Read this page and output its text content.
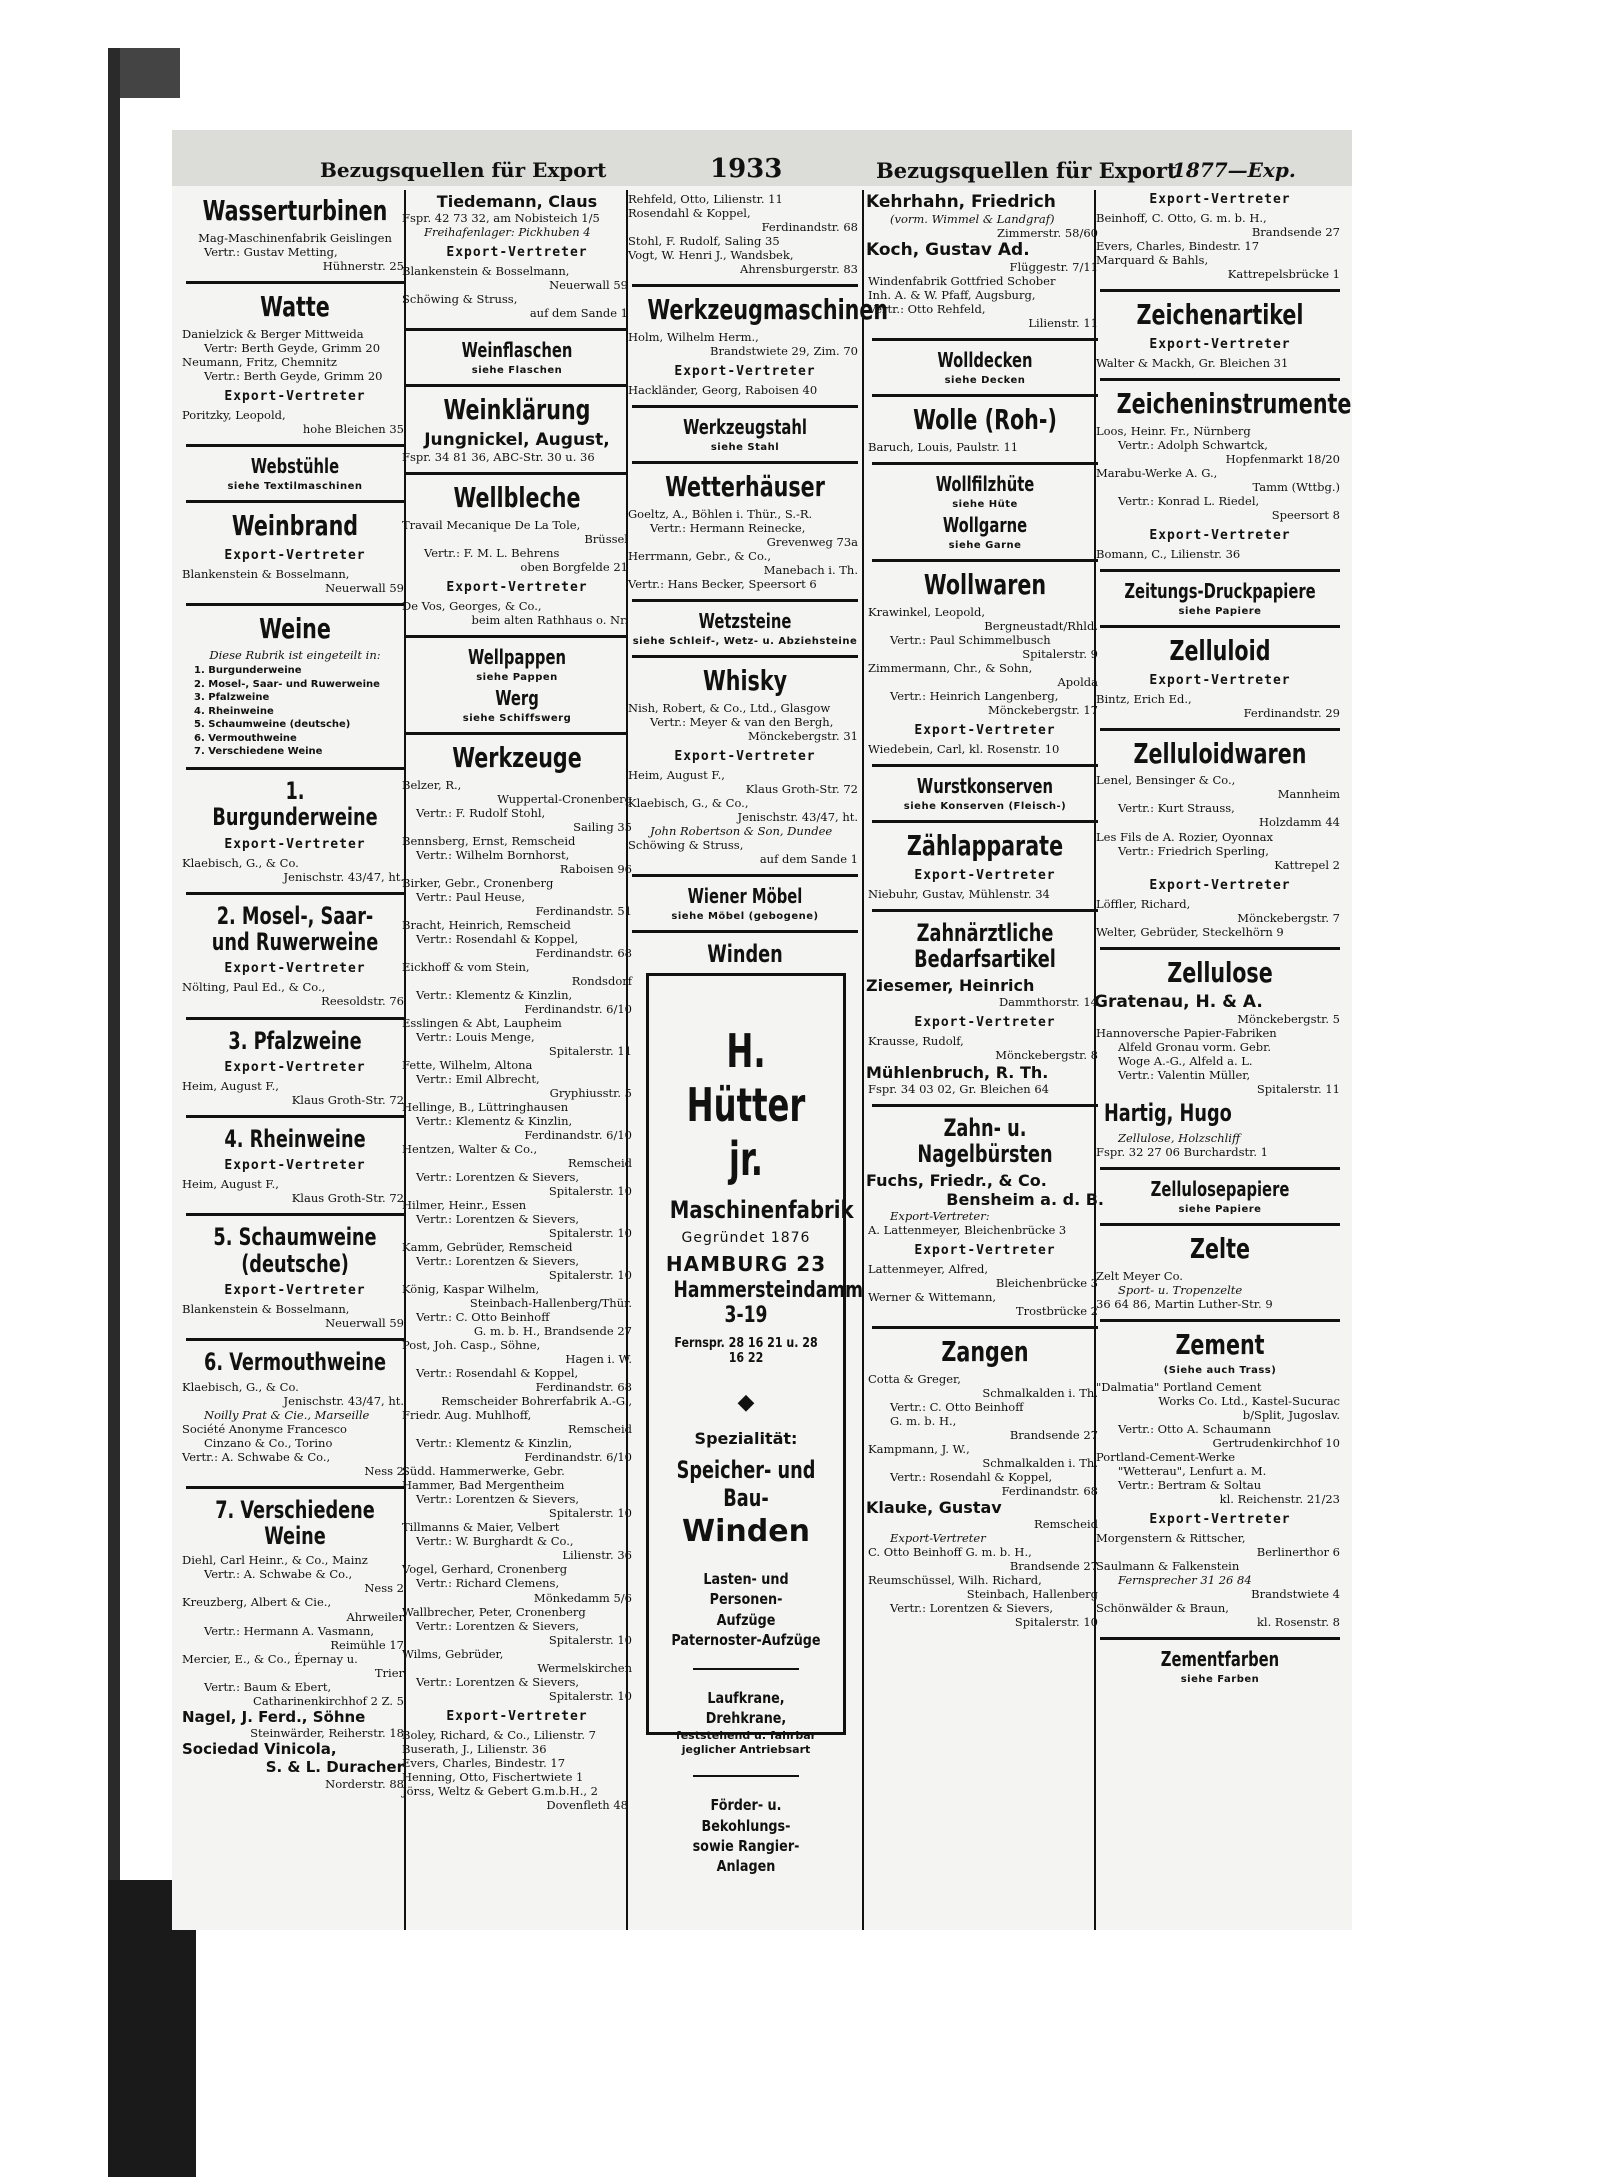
Bezugsquellen für Export	1933	Bezugsquellen für Export
1877—Exp.
Wasserturbinen
Mag-Maschinenfabrik Geislingen
Vertr.: Gustav Metting,
Hühnerstr. 25
Watte
Danielzick & Berger Mittweida
Vertr: Berth Geyde, Grimm 20
Neumann, Fritz, Chemnitz
Vertr.: Berth Geyde, Grimm 20
Export-Vertreter
Poritzky, Leopold,
hohe Bleichen 35
Webstühle
siehe Textilmaschinen
Weinbrand
Export-Vertreter
Blankenstein & Bosselmann,
Neuerwall 59
Weine
Diese Rubrik ist eingeteilt in:
1. Burgunderweine
2. Mosel-, Saar- und Ruwerweine
3. Pfalzweine
4. Rheinweine
5. Schaumweine (deutsche)
6. Vermouthweine
7. Verschiedene Weine
1. Burgunderweine
Export-Vertreter
Klaebisch, G., & Co.
Jenischstr. 43/47, ht.
2. Mosel-, Saar- und Ruwerweine
Export-Vertreter
Nölting, Paul Ed., & Co.,
Reesoldstr. 76
3. Pfalzweine
Export-Vertreter
Heim, August F.,
Klaus Groth-Str. 72
4. Rheinweine
Export-Vertreter
Heim, August F.,
Klaus Groth-Str. 72
5. Schaumweine (deutsche)
Export-Vertreter
Blankenstein & Bosselmann,
Neuerwall 59
6. Vermouthweine
Klaebisch, G., & Co.
Jenischstr. 43/47, ht.
Noilly Prat & Cie., Marseille
Société Anonyme Francesco
Cinzano & Co., Torino
Vertr.: A. Schwabe & Co.,
Ness 2
7. Verschiedene Weine
Diehl, Carl Heinr., & Co., Mainz
Vertr.: A. Schwabe & Co.,
Ness 2
Kreuzberg, Albert & Cie.,
Ahrweiler
Vertr.: Hermann A. Vasmann,
Reimühle 17
Mercier, E., & Co., Épernay u.
Trier
Vertr.: Baum & Ebert,
Catharinenkirchhof 2 Z. 5
Nagel, J. Ferd., Söhne
Steinwärder, Reiherstr. 18
Sociedad Vinicola,
S. & L. Duracher
Norderstr. 88
Tiedemann, Claus
Fspr. 42 73 32, am Nobisteich 1/5
Freihafenlager: Pickhuben 4
Export-Vertreter
Blankenstein & Bosselmann,
Neuerwall 59
Schöwing & Struss,
auf dem Sande 1
Weinflaschen
siehe Flaschen
Weinklärung
Jungnickel, August,
Fspr. 34 81 36, ABC-Str. 30 u. 36
Wellbleche
Travail Mecanique De La Tole,
Brüssel
Vertr.: F. M. L. Behrens
oben Borgfelde 21
Export-Vertreter
De Vos, Georges, & Co.,
beim alten Rathhaus o. Nr.
Wellpappen
siehe Pappen
Werg
siehe Schiffswerg
Werkzeuge
Belzer, R.,
Wuppertal-Cronenberg
Vertr.: F. Rudolf Stohl,
Sailing 35
Bennsberg, Ernst, Remscheid
Vertr.: Wilhelm Bornhorst,
Raboisen 96
Birker, Gebr., Cronenberg
Vertr.: Paul Heuse,
Ferdinandstr. 51
Bracht, Heinrich, Remscheid
Vertr.: Rosendahl & Koppel,
Ferdinandstr. 68
Eickhoff & vom Stein,
Rondsdorf
Vertr.: Klementz & Kinzlin,
Ferdinandstr. 6/10
Esslingen & Abt, Laupheim
Vertr.: Louis Menge,
Spitalerstr. 11
Fette, Wilhelm, Altona
Vertr.: Emil Albrecht,
Gryphiusstr. 5
Hellinge, B., Lüttringhausen
Vertr.: Klementz & Kinzlin,
Ferdinandstr. 6/10
Hentzen, Walter & Co.,
Remscheid
Vertr.: Lorentzen & Sievers,
Spitalerstr. 10
Hilmer, Heinr., Essen
Vertr.: Lorentzen & Sievers,
Spitalerstr. 10
Kamm, Gebrüder, Remscheid
Vertr.: Lorentzen & Sievers,
Spitalerstr. 10
König, Kaspar Wilhelm,
Steinbach-Hallenberg/Thür.
Vertr.: C. Otto Beinhoff
G. m. b. H., Brandsende 27
Post, Joh. Casp., Söhne,
Hagen i. W.
Vertr.: Rosendahl & Koppel,
Ferdinandstr. 68
Remscheider Bohrerfabrik A.-G.,
Friedr. Aug. Muhlhoff,
Remscheid
Vertr.: Klementz & Kinzlin,
Ferdinandstr. 6/10
Südd. Hammerwerke, Gebr.
Hammer, Bad Mergentheim
Vertr.: Lorentzen & Sievers,
Spitalerstr. 10
Tillmanns & Maier, Velbert
Vertr.: W. Burghardt & Co.,
Lilienstr. 36
Vogel, Gerhard, Cronenberg
Vertr.: Richard Clemens,
Mönkedamm 5/6
Wallbrecher, Peter, Cronenberg
Vertr.: Lorentzen & Sievers,
Spitalerstr. 10
Wilms, Gebrüder,
Wermelskirchen
Vertr.: Lorentzen & Sievers,
Spitalerstr. 10
Export-Vertreter
Boley, Richard, & Co., Lilienstr. 7
Buserath, J., Lilienstr. 36
Evers, Charles, Bindestr. 17
Henning, Otto, Fischertwiete 1
Jörss, Weltz & Gebert G.m.b.H., 2
Dovenfleth 48
Rehfeld, Otto, Lilienstr. 11
Rosendahl & Koppel,
Ferdinandstr. 68
Stohl, F. Rudolf, Saling 35
Vogt, W. Henri J., Wandsbek,
Ahrensburgerstr. 83
Werkzeugmaschinen
Holm, Wilhelm Herm.,
Brandstwiete 29, Zim. 70
Export-Vertreter
Hackländer, Georg, Raboisen 40
Werkzeugstahl
siehe Stahl
Wetterhäuser
Goeltz, A., Böhlen i. Thür., S.-R.
Vertr.: Hermann Reinecke,
Grevenweg 73a
Herrmann, Gebr., & Co.,
Manebach i. Th.
Vertr.: Hans Becker, Speersort 6
Wetzsteine
siehe Schleif-, Wetz- u. Abziehsteine
Whisky
Nish, Robert, & Co., Ltd., Glasgow
Vertr.: Meyer & van den Bergh,
Mönckebergstr. 31
Export-Vertreter
Heim, August F.,
Klaus Groth-Str. 72
Klaebisch, G., & Co.,
Jenischstr. 43/47, ht.
John Robertson & Son, Dundee
Schöwing & Struss,
auf dem Sande 1
Wiener Möbel
siehe Möbel (gebogene)
Winden
H. Hütter jr.
Maschinenfabrik
Gegründet 1876
HAMBURG 23
Hammersteindamm 3-19
Fernspr. 28 16 21 u. 28 16 22
◆
Spezialität:
Speicher- und Bau-
Winden
Lasten- und Personen-
Aufzüge
Paternoster-Aufzüge
Laufkrane, Drehkrane,
feststehend u. fahrbar
jeglicher Antriebsart
Förder- u. Bekohlungs-
sowie Rangier-Anlagen
Kehrhahn, Friedrich
(vorm. Wimmel & Landgraf)
Zimmerstr. 58/60
Koch, Gustav Ad.
Flüggestr. 7/11
Windenfabrik Gottfried Schober
Inh. A. & W. Pfaff, Augsburg,
Vertr.: Otto Rehfeld,
Lilienstr. 11
Wolldecken
siehe Decken
Wolle (Roh-)
Baruch, Louis, Paulstr. 11
Wollfilzhüte
siehe Hüte
Wollgarne
siehe Garne
Wollwaren
Krawinkel, Leopold,
Bergneustadt/Rhld.
Vertr.: Paul Schimmelbusch
Spitalerstr. 9
Zimmermann, Chr., & Sohn,
Apolda
Vertr.: Heinrich Langenberg,
Mönckebergstr. 17
Export-Vertreter
Wiedebein, Carl, kl. Rosenstr. 10
Wurstkonserven
siehe Konserven (Fleisch-)
Zählapparate
Export-Vertreter
Niebuhr, Gustav, Mühlenstr. 34
Zahnärztliche Bedarfsartikel
Ziesemer, Heinrich
Dammthorstr. 14
Export-Vertreter
Krausse, Rudolf,
Mönckebergstr. 8
Mühlenbruch, R. Th.
Fspr. 34 03 02, Gr. Bleichen 64
Zahn- u. Nagelbürsten
Fuchs, Friedr., & Co.
Bensheim a. d. B.
Export-Vertreter:
A. Lattenmeyer, Bleichenbrücke 3
Export-Vertreter
Lattenmeyer, Alfred,
Bleichenbrücke 3
Werner & Wittemann,
Trostbrücke 2
Zangen
Cotta & Greger,
Schmalkalden i. Th.
Vertr.: C. Otto Beinhoff
G. m. b. H.,
Brandsende 27
Kampmann, J. W.,
Schmalkalden i. Th.
Vertr.: Rosendahl & Koppel,
Ferdinandstr. 68
Klauke, Gustav
Remscheid
Export-Vertreter
C. Otto Beinhoff G. m. b. H.,
Brandsende 27
Reumschüssel, Wilh. Richard,
Steinbach, Hallenberg
Vertr.: Lorentzen & Sievers,
Spitalerstr. 10
Export-Vertreter
Beinhoff, C. Otto, G. m. b. H.,
Brandsende 27
Evers, Charles, Bindestr. 17
Marquard & Bahls,
Kattrepelsbrücke 1
Zeichenartikel
Export-Vertreter
Walter & Mackh, Gr. Bleichen 31
Zeicheninstrumente
Loos, Heinr. Fr., Nürnberg
Vertr.: Adolph Schwartck,
Hopfenmarkt 18/20
Marabu-Werke A. G.,
Tamm (Wttbg.)
Vertr.: Konrad L. Riedel,
Speersort 8
Export-Vertreter
Bomann, C., Lilienstr. 36
Zeitungs-Druckpapiere
siehe Papiere
Zelluloid
Export-Vertreter
Bintz, Erich Ed.,
Ferdinandstr. 29
Zelluloidwaren
Lenel, Bensinger & Co.,
Mannheim
Vertr.: Kurt Strauss,
Holzdamm 44
Les Fils de A. Rozier, Oyonnax
Vertr.: Friedrich Sperling,
Kattrepel 2
Export-Vertreter
Löffler, Richard,
Mönckebergstr. 7
Welter, Gebrüder, Steckelhörn 9
Zellulose
Gratenau, H. & A.
Mönckebergstr. 5
Hannoversche Papier-Fabriken
Alfeld Gronau vorm. Gebr.
Woge A.-G., Alfeld a. L.
Vertr.: Valentin Müller,
Spitalerstr. 11
Hartig, Hugo
Zellulose, Holzschliff
Fspr. 32 27 06 Burchardstr. 1
Zellulosepapiere
siehe Papiere
Zelte
Zelt Meyer Co.
Sport- u. Tropenzelte
36 64 86, Martin Luther-Str. 9
Zement
(Siehe auch Trass)
"Dalmatia" Portland Cement
Works Co. Ltd., Kastel-Sucurac
b/Split, Jugoslav.
Vertr.: Otto A. Schaumann
Gertrudenkirchhof 10
Portland-Cement-Werke
"Wetterau", Lenfurt a. M.
Vertr.: Bertram & Soltau
kl. Reichenstr. 21/23
Export-Vertreter
Morgenstern & Rittscher,
Berlinerthor 6
Saulmann & Falkenstein
Fernsprecher 31 26 84
Brandstwiete 4
Schönwälder & Braun,
kl. Rosenstr. 8
Zementfarben
siehe Farben
